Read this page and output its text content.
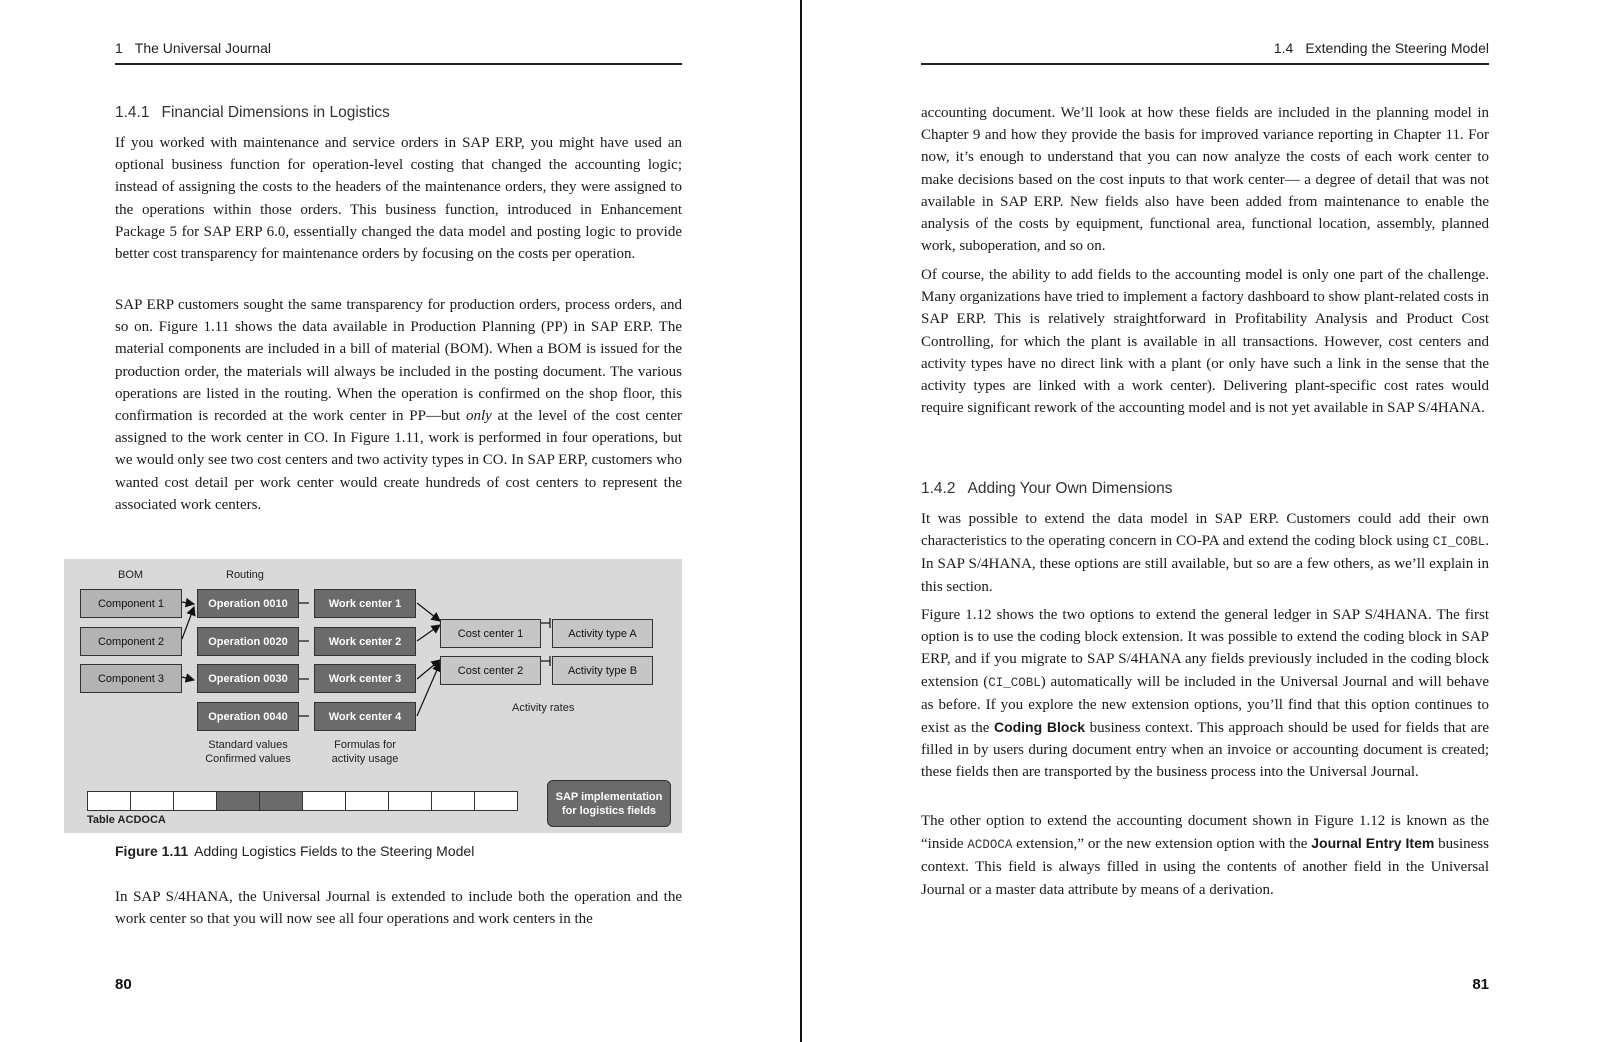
1 The Universal Journal
1.4.1 Financial Dimensions in Logistics

If you worked with maintenance and service orders in SAP ERP, you might have used an optional business function for operation-level costing that changed the accounting logic; instead of assigning the costs to the headers of the maintenance orders, they were assigned to the operations within those orders. This business function, introduced in Enhancement Package 5 for SAP ERP 6.0, essentially changed the data model and posting logic to provide better cost transparency for maintenance orders by focusing on the costs per operation.

SAP ERP customers sought the same transparency for production orders, process orders, and so on. Figure 1.11 shows the data available in Production Planning (PP) in SAP ERP. The material components are included in a bill of material (BOM). When a BOM is issued for the production order, the materials will always be included in the posting document. The various operations are listed in the routing. When the operation is confirmed on the shop floor, this confirmation is recorded at the work center in PP—but only at the level of the cost center assigned to the work center in CO. In Figure 1.11, work is performed in four operations, but we would only see two cost centers and two activity types in CO. In SAP ERP, customers who wanted cost detail per work center would create hundreds of cost centers to represent the associated work centers.

BOM	Routing
Component 1
Component 2
Component 3
Operation 0010
Operation 0020
Operation 0030
Operation 0040
Work center 1
Work center 2
Work center 3
Work center 4
Cost center 1
Cost center 2
Activity type A
Activity type B
Activity rates
Standard values
Confirmed values
Formulas for
activity usage
Table ACDOCA
SAP implementation
for logistics fields
Figure 1.11 Adding Logistics Fields to the Steering Model

In SAP S/4HANA, the Universal Journal is extended to include both the operation and the work center so that you will now see all four operations and work centers in the

80
1.4 Extending the Steering Model

accounting document. We’ll look at how these fields are included in the planning model in Chapter 9 and how they provide the basis for improved variance reporting in Chapter 11. For now, it’s enough to understand that you can now analyze the costs of each work center to make decisions based on the cost inputs to that work center— a degree of detail that was not available in SAP ERP. New fields also have been added from maintenance to enable the analysis of the costs by equipment, functional area, functional location, assembly, planned work, suboperation, and so on.

Of course, the ability to add fields to the accounting model is only one part of the challenge. Many organizations have tried to implement a factory dashboard to show plant-related costs in SAP ERP. This is relatively straightforward in Profitability Analysis and Product Cost Controlling, for which the plant is available in all transactions. However, cost centers and activity types have no direct link with a plant (or only have such a link in the sense that the activity types are linked with a work center). Delivering plant-specific cost rates would require significant rework of the accounting model and is not yet available in SAP S/4HANA.

1.4.2 Adding Your Own Dimensions

It was possible to extend the data model in SAP ERP. Customers could add their own characteristics to the operating concern in CO-PA and extend the coding block using CI_COBL. In SAP S/4HANA, these options are still available, but so are a few others, as we’ll explain in this section.

Figure 1.12 shows the two options to extend the general ledger in SAP S/4HANA. The first option is to use the coding block extension. It was possible to extend the coding block in SAP ERP, and if you migrate to SAP S/4HANA any fields previously included in the coding block extension (CI_COBL) automatically will be included in the Universal Journal and will behave as before. If you explore the new extension options, you’ll find that this option continues to exist as the Coding Block business context. This approach should be used for fields that are filled in by users during document entry when an invoice or accounting document is created; these fields then are transported by the business process into the Universal Journal.

The other option to extend the accounting document shown in Figure 1.12 is known as the “inside ACDOCA extension,” or the new extension option with the Journal Entry Item business context. This field is always filled in using the contents of another field in the Universal Journal or a master data attribute by means of a derivation.

81
